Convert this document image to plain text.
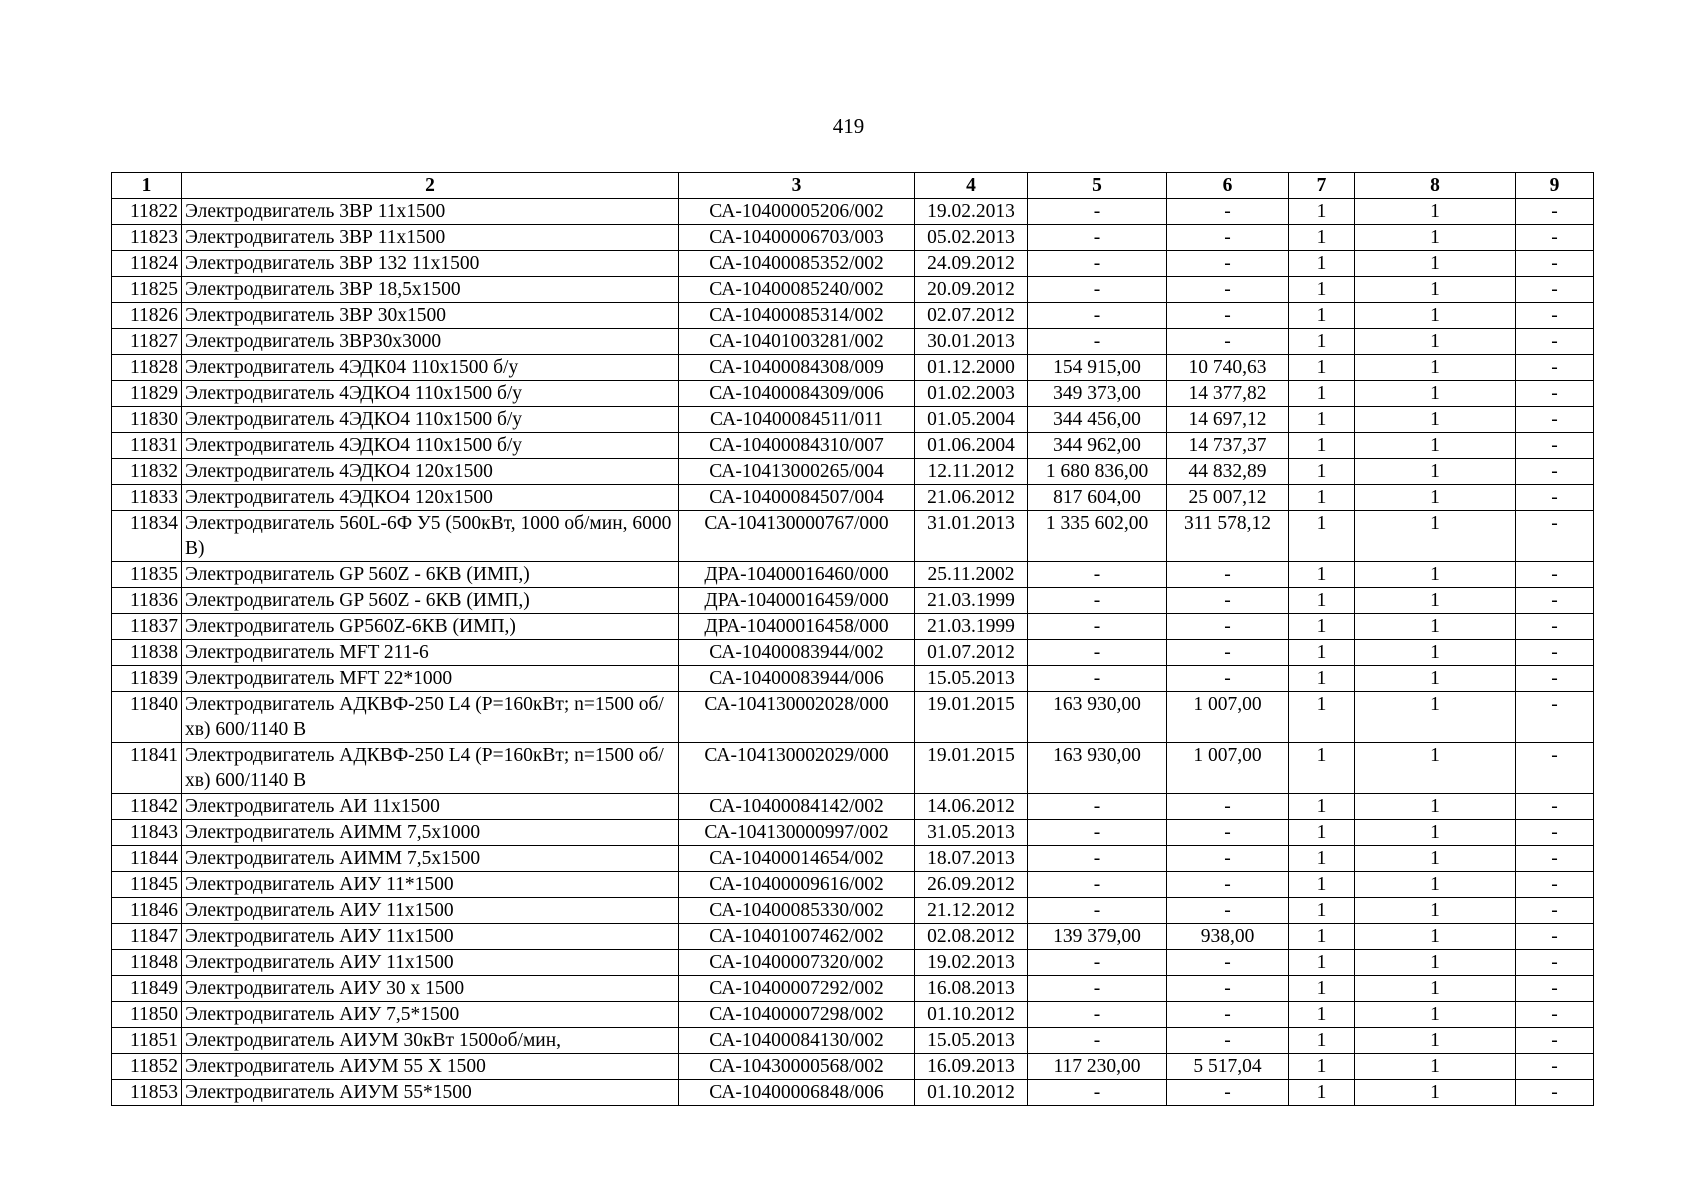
419
1	2	3	4	5	6	7	8	9
11822	Электродвигатель 3ВР 11х1500	СА-10400005206/002	19.02.2013	-	-	1	1	-
11823	Электродвигатель 3ВР 11х1500	СА-10400006703/003	05.02.2013	-	-	1	1	-
11824	Электродвигатель 3ВР 132 11х1500	СА-10400085352/002	24.09.2012	-	-	1	1	-
11825	Электродвигатель 3ВР 18,5х1500	СА-10400085240/002	20.09.2012	-	-	1	1	-
11826	Электродвигатель 3ВР 30х1500	СА-10400085314/002	02.07.2012	-	-	1	1	-
11827	Электродвигатель 3ВР30х3000	СА-10401003281/002	30.01.2013	-	-	1	1	-
11828	Электродвигатель 4ЭДК04 110х1500 б/у	СА-10400084308/009	01.12.2000	154 915,00	10 740,63	1	1	-
11829	Электродвигатель 4ЭДКО4 110х1500 б/у	СА-10400084309/006	01.02.2003	349 373,00	14 377,82	1	1	-
11830	Электродвигатель 4ЭДКО4 110х1500 б/у	СА-10400084511/011	01.05.2004	344 456,00	14 697,12	1	1	-
11831	Электродвигатель 4ЭДКО4 110х1500 б/у	СА-10400084310/007	01.06.2004	344 962,00	14 737,37	1	1	-
11832	Электродвигатель 4ЭДКО4 120х1500	СА-10413000265/004	12.11.2012	1 680 836,00	44 832,89	1	1	-
11833	Электродвигатель 4ЭДКО4 120х1500	СА-10400084507/004	21.06.2012	817 604,00	25 007,12	1	1	-
11834	Электродвигатель 560L-6Ф У5 (500кВт, 1000 об/мин, 6000 В)	СА-104130000767/000	31.01.2013	1 335 602,00	311 578,12	1	1	-
11835	Электродвигатель GP 560Z - 6КВ (ИМП,)	ДРА-10400016460/000	25.11.2002	-	-	1	1	-
11836	Электродвигатель GP 560Z - 6КВ (ИМП,)	ДРА-10400016459/000	21.03.1999	-	-	1	1	-
11837	Электродвигатель GP560Z-6КВ (ИМП,)	ДРА-10400016458/000	21.03.1999	-	-	1	1	-
11838	Электродвигатель MFT 211-6	СА-10400083944/002	01.07.2012	-	-	1	1	-
11839	Электродвигатель MFT 22*1000	СА-10400083944/006	15.05.2013	-	-	1	1	-
11840	Электродвигатель АДКВФ-250 L4 (Р=160кВт; n=1500 об/хв) 600/1140 В	СА-104130002028/000	19.01.2015	163 930,00	1 007,00	1	1	-
11841	Электродвигатель АДКВФ-250 L4 (Р=160кВт; n=1500 об/хв) 600/1140 В	СА-104130002029/000	19.01.2015	163 930,00	1 007,00	1	1	-
11842	Электродвигатель АИ 11х1500	СА-10400084142/002	14.06.2012	-	-	1	1	-
11843	Электродвигатель АИММ 7,5х1000	СА-104130000997/002	31.05.2013	-	-	1	1	-
11844	Электродвигатель АИММ 7,5х1500	СА-10400014654/002	18.07.2013	-	-	1	1	-
11845	Электродвигатель АИУ 11*1500	СА-10400009616/002	26.09.2012	-	-	1	1	-
11846	Электродвигатель АИУ 11х1500	СА-10400085330/002	21.12.2012	-	-	1	1	-
11847	Электродвигатель АИУ 11х1500	СА-10401007462/002	02.08.2012	139 379,00	938,00	1	1	-
11848	Электродвигатель АИУ 11х1500	СА-10400007320/002	19.02.2013	-	-	1	1	-
11849	Электродвигатель АИУ 30 х 1500	СА-10400007292/002	16.08.2013	-	-	1	1	-
11850	Электродвигатель АИУ 7,5*1500	СА-10400007298/002	01.10.2012	-	-	1	1	-
11851	Электродвигатель АИУМ 30кВт 1500об/мин,	СА-10400084130/002	15.05.2013	-	-	1	1	-
11852	Электродвигатель АИУМ 55 Х 1500	СА-10430000568/002	16.09.2013	117 230,00	5 517,04	1	1	-
11853	Электродвигатель АИУМ 55*1500	СА-10400006848/006	01.10.2012	-	-	1	1	-
